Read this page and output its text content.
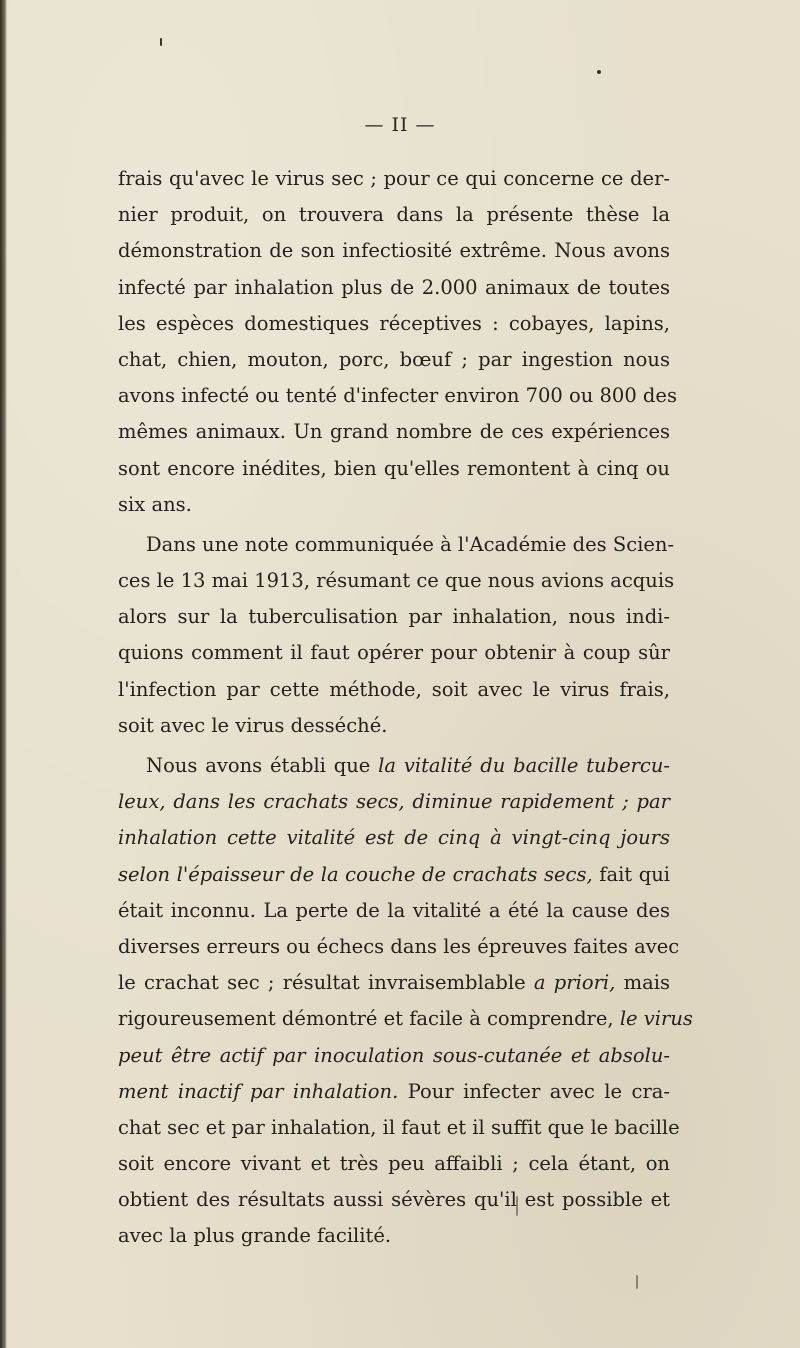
— II —
frais qu'avec le virus sec ; pour ce qui concerne ce der-
nier produit, on trouvera dans la présente thèse la
démonstration de son infectiosité extrême. Nous avons
infecté par inhalation plus de 2.000 animaux de toutes
les espèces domestiques réceptives : cobayes, lapins,
chat, chien, mouton, porc, bœuf ; par ingestion nous
avons infecté ou tenté d'infecter environ 700 ou 800 des
mêmes animaux. Un grand nombre de ces expériences
sont encore inédites, bien qu'elles remontent à cinq ou
six ans.
Dans une note communiquée à l'Académie des Scien-
ces le 13 mai 1913, résumant ce que nous avions acquis
alors sur la tuberculisation par inhalation, nous indi-
quions comment il faut opérer pour obtenir à coup sûr
l'infection par cette méthode, soit avec le virus frais,
soit avec le virus desséché.
Nous avons établi que la vitalité du bacille tubercu-
leux, dans les crachats secs, diminue rapidement ; par
inhalation cette vitalité est de cinq à vingt-cinq jours
selon l'épaisseur de la couche de crachats secs, fait qui
était inconnu. La perte de la vitalité a été la cause des
diverses erreurs ou échecs dans les épreuves faites avec
le crachat sec ; résultat invraisemblable a priori, mais
rigoureusement démontré et facile à comprendre, le virus
peut être actif par inoculation sous-cutanée et absolu-
ment inactif par inhalation. Pour infecter avec le cra-
chat sec et par inhalation, il faut et il suffit que le bacille
soit encore vivant et très peu affaibli ; cela étant, on
obtient des résultats aussi sévères qu'il est possible et
avec la plus grande facilité.
